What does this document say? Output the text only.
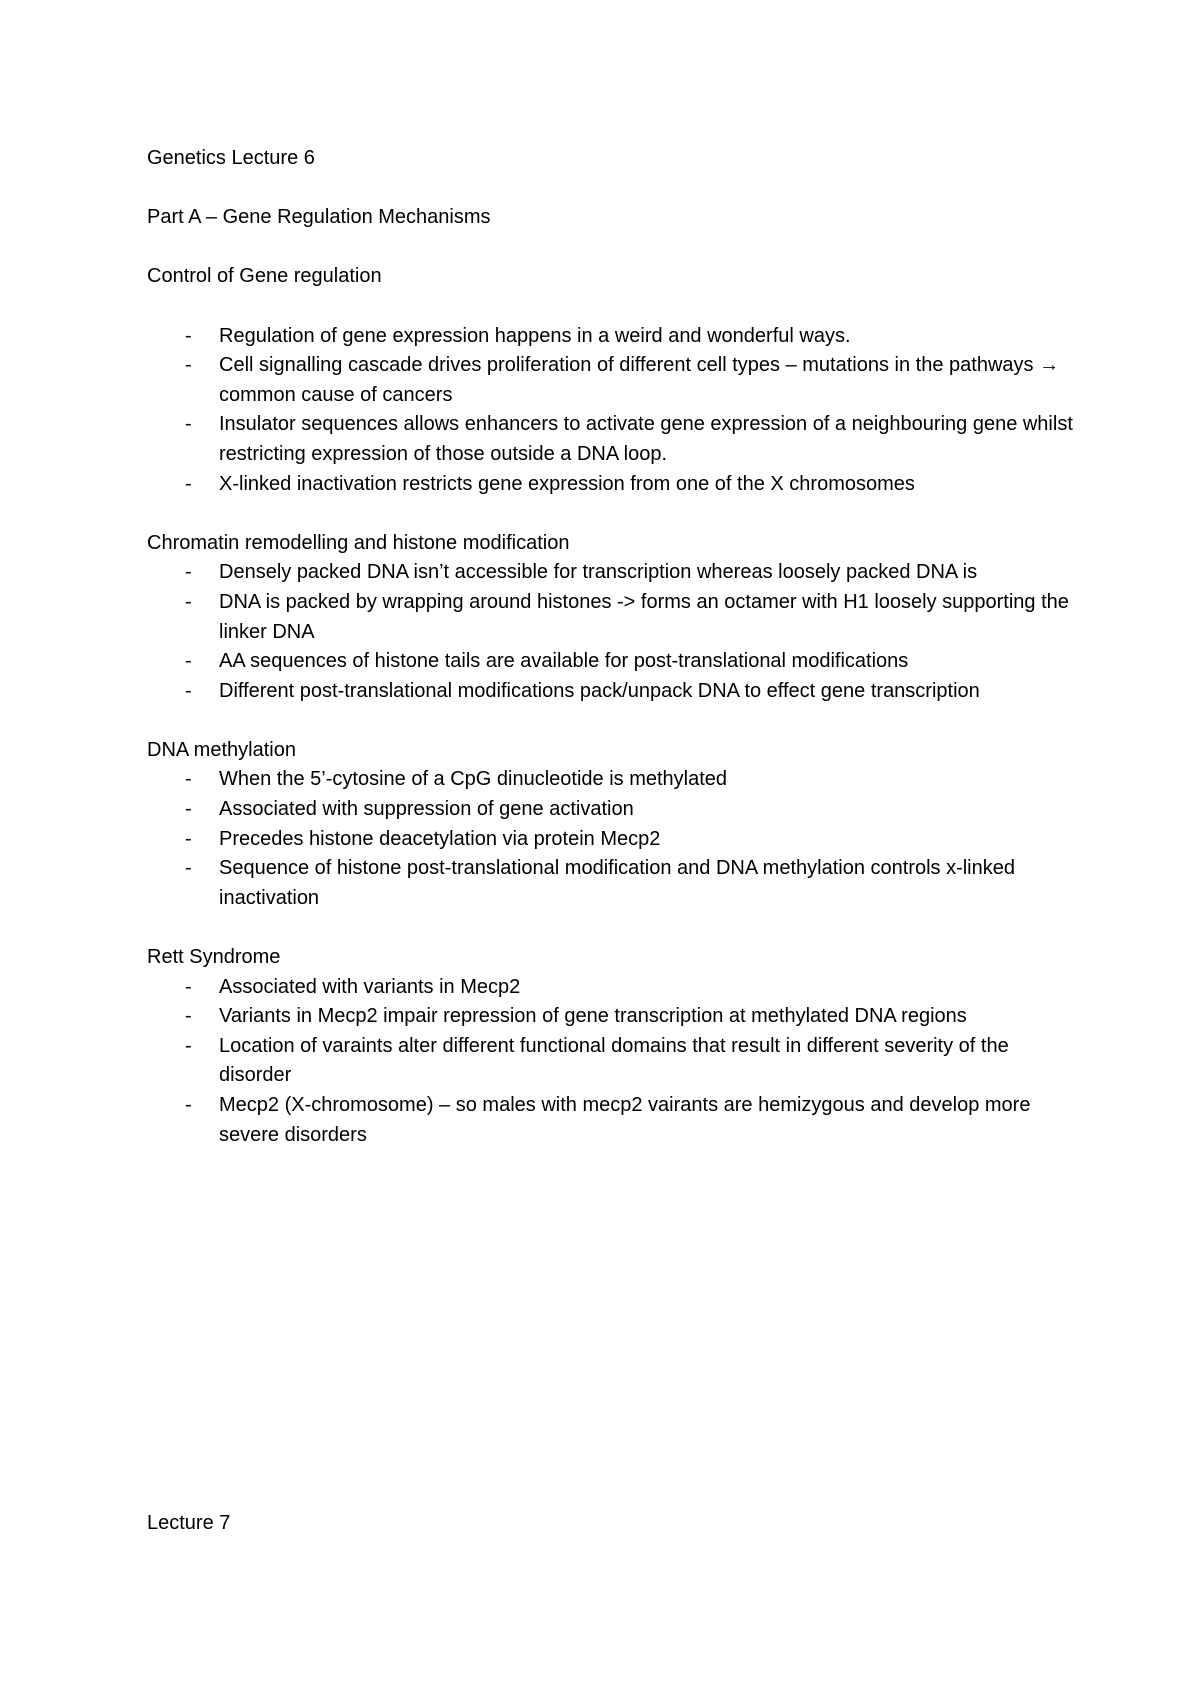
Genetics Lecture 6

Part A – Gene Regulation Mechanisms

Control of Gene regulation

- Regulation of gene expression happens in a weird and wonderful ways.
- Cell signalling cascade drives proliferation of different cell types – mutations in the pathways → common cause of cancers
- Insulator sequences allows enhancers to activate gene expression of a neighbouring gene whilst restricting expression of those outside a DNA loop.
- X-linked inactivation restricts gene expression from one of the X chromosomes

Chromatin remodelling and histone modification

- Densely packed DNA isn’t accessible for transcription whereas loosely packed DNA is
- DNA is packed by wrapping around histones -> forms an octamer with H1 loosely supporting the linker DNA
- AA sequences of histone tails are available for post-translational modifications
- Different post-translational modifications pack/unpack DNA to effect gene transcription

DNA methylation

- When the 5’-cytosine of a CpG dinucleotide is methylated
- Associated with suppression of gene activation
- Precedes histone deacetylation via protein Mecp2
- Sequence of histone post-translational modification and DNA methylation controls x-linked inactivation

Rett Syndrome

- Associated with variants in Mecp2
- Variants in Mecp2 impair repression of gene transcription at methylated DNA regions
- Location of varaints alter different functional domains that result in different severity of the disorder
- Mecp2 (X-chromosome) – so males with mecp2 vairants are hemizygous and develop more severe disorders

Lecture 7
